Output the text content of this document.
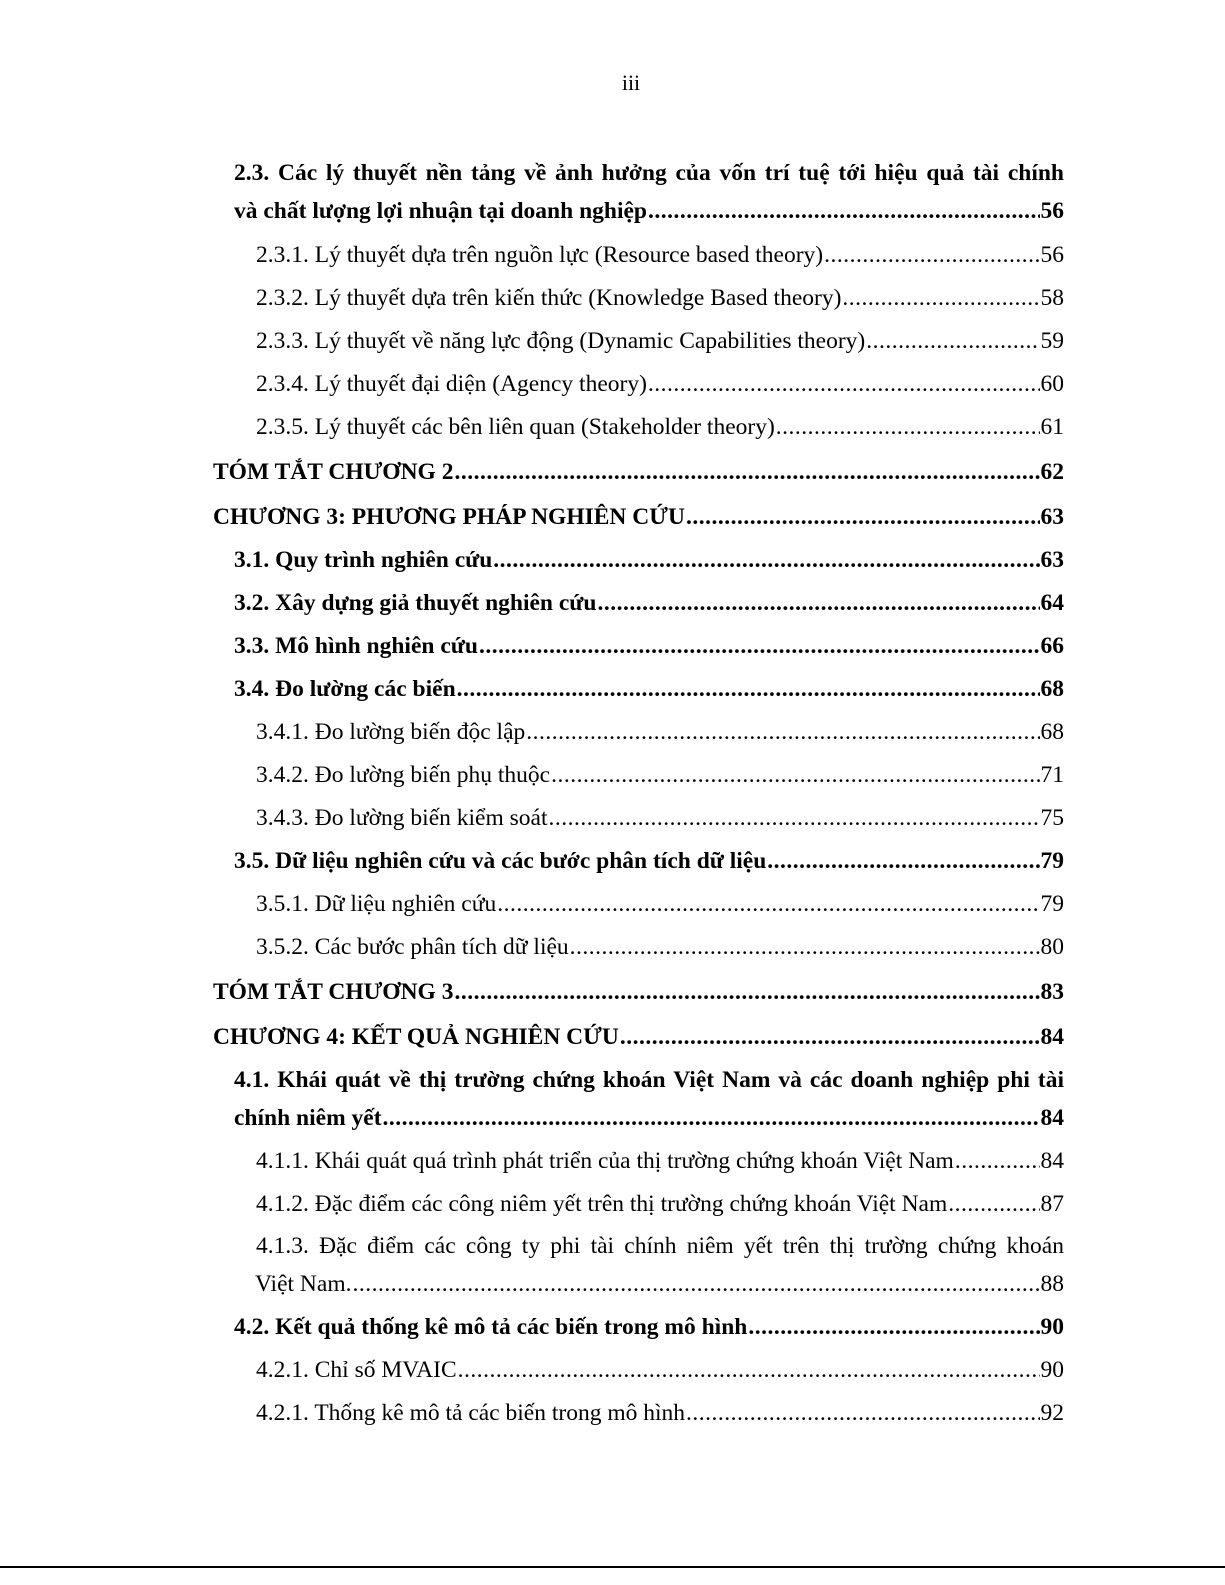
iii
2.3. Các lý thuyết nền tảng về ảnh hưởng của vốn trí tuệ tới hiệu quả tài chính
và chất lượng lợi nhuận tại doanh nghiệp .....	56
2.3.1. Lý thuyết dựa trên nguồn lực (Resource based theory) .....	56
2.3.2. Lý thuyết dựa trên kiến thức (Knowledge Based theory) .....	58
2.3.3. Lý thuyết về năng lực động (Dynamic Capabilities theory) .....	59
2.3.4. Lý thuyết đại diện (Agency theory) .....	60
2.3.5. Lý thuyết các bên liên quan (Stakeholder theory) .....	61
TÓM TẮT CHƯƠNG 2 .....	62
CHƯƠNG 3: PHƯƠNG PHÁP NGHIÊN CỨU .....	63
3.1. Quy trình nghiên cứu .....	63
3.2. Xây dựng giả thuyết nghiên cứu .....	64
3.3. Mô hình nghiên cứu .....	66
3.4. Đo lường các biến .....	68
3.4.1. Đo lường biến độc lập .....	68
3.4.2. Đo lường biến phụ thuộc .....	71
3.4.3. Đo lường biến kiểm soát .....	75
3.5. Dữ liệu nghiên cứu và các bước phân tích dữ liệu .....	79
3.5.1. Dữ liệu nghiên cứu .....	79
3.5.2. Các bước phân tích dữ liệu .....	80
TÓM TẮT CHƯƠNG 3 .....	83
CHƯƠNG 4: KẾT QUẢ NGHIÊN CỨU .....	84
4.1. Khái quát về thị trường chứng khoán Việt Nam và các doanh nghiệp phi tài
chính niêm yết .....	84
4.1.1. Khái quát quá trình phát triển của thị trường chứng khoán Việt Nam .....	84
4.1.2. Đặc điểm các công niêm yết trên thị trường chứng khoán Việt Nam .....	87
4.1.3. Đặc điểm các công ty phi tài chính niêm yết trên thị trường chứng khoán
Việt Nam. .....	88
4.2. Kết quả thống kê mô tả các biến trong mô hình .....	90
4.2.1. Chỉ số MVAIC .....	90
4.2.1. Thống kê mô tả các biến trong mô hình .....	92
